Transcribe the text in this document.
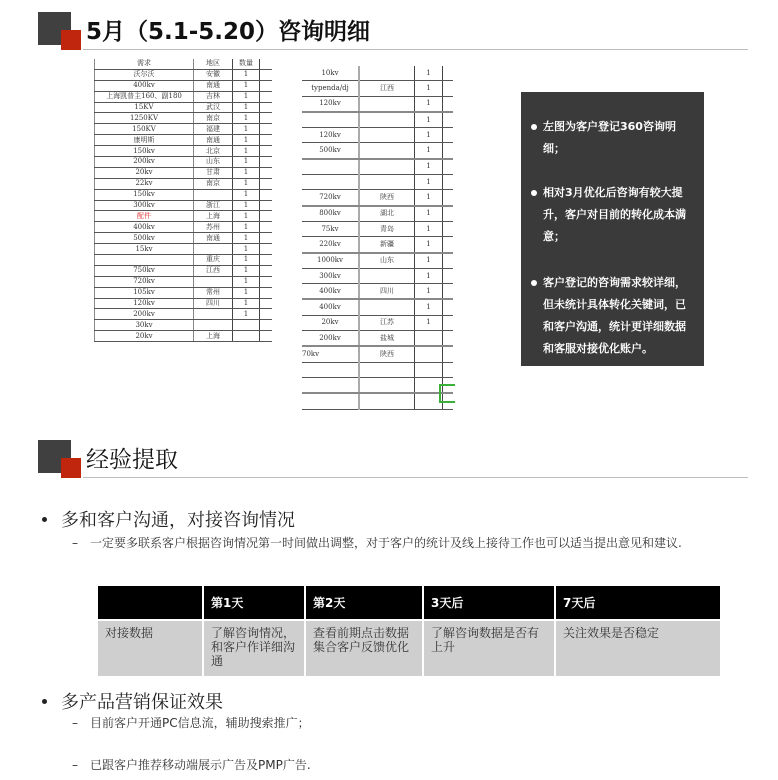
5月（5.1-5.20）咨询明细
需求	地区	数量	
沃尔沃	安徽	1	
400kv	南通	1	
上海凯普主160、副180	吉林	1	
15KV	武汉	1	
1250KV	南京	1	
150KV	福建	1	
康明斯	南通	1	
150kv	北京	1	
200kv	山东	1	
20kv	甘肃	1	
22kv	南京	1	
150kv		1	
300kv	浙江	1	
配件	上海	1	
400kv	苏州	1	
500kv	南通	1	
15kv		1	
	重庆	1	
750kv	江西	1	
720kv		1	
105kv	常州	1	
120kv	四川	1	
200kv		1	
30kv			
20kv	上海		
10kv		1	
typenda/dj	江西	1	
120kv		1	
		1	
120kv		1	
500kv		1	
		1	
		1	
720kv	陕西	1	
800kv	湖北	1	
75kv	青岛	1	
220kv	新疆	1	
1000kv	山东	1	
300kv		1	
400kv	四川	1	
400kv		1	
20kv	江苏	1	
200kv	盐城		
70kv	陕西		

左图为客户登记360咨询明细；
相对3月优化后咨询有较大提升，客户对目前的转化成本满意；
客户登记的咨询需求较详细，但未统计具体转化关键词，已和客户沟通，统计更详细数据和客服对接优化账户。
经验提取
多和客户沟通，对接咨询情况
– 一定要多联系客户根据咨询情况第一时间做出调整，对于客户的统计及线上接待工作也可以适当提出意见和建议.
	第1天	第2天	3天后	7天后
对接数据	了解咨询情况，和客户作详细沟通	查看前期点击数据集合客户反馈优化	了解咨询数据是否有上升	关注效果是否稳定
多产品营销保证效果
– 目前客户开通PC信息流，辅助搜索推广；
– 已跟客户推荐移动端展示广告及PMP广告.
